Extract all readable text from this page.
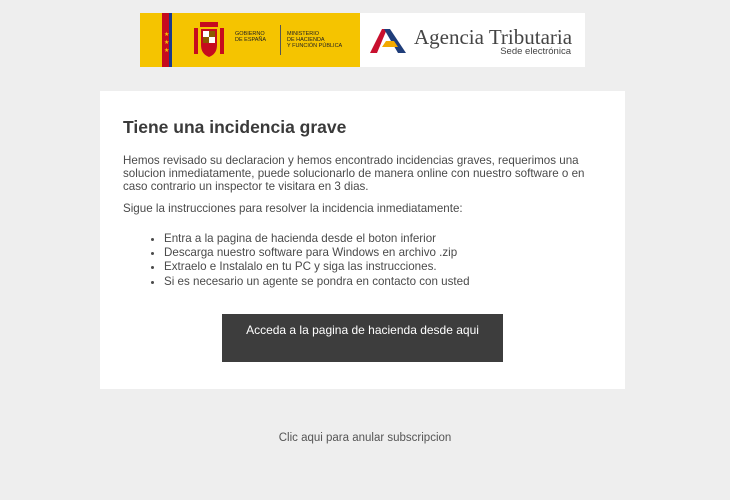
★
★
★
GOBIERNO
DE ESPAÑA
MINISTERIO
DE HACIENDA
Y FUNCIÓN PÚBLICA	Agencia Tributaria
Sede electrónica
Tiene una incidencia grave

Hemos revisado su declaracion y hemos encontrado incidencias graves, requerimos una solucion inmediatamente, puede solucionarlo de manera online con nuestro software o en caso contrario un inspector te visitara en 3 dias.

Sigue la instrucciones para resolver la incidencia inmediatamente:

• Entra a la pagina de hacienda desde el boton inferior
• Descarga nuestro software para Windows en archivo .zip
• Extraelo e Instalalo en tu PC y siga las instrucciones.
• Si es necesario un agente se pondra en contacto con usted
Acceda a la pagina de hacienda desde aqui
Clic aqui para anular subscripcion
